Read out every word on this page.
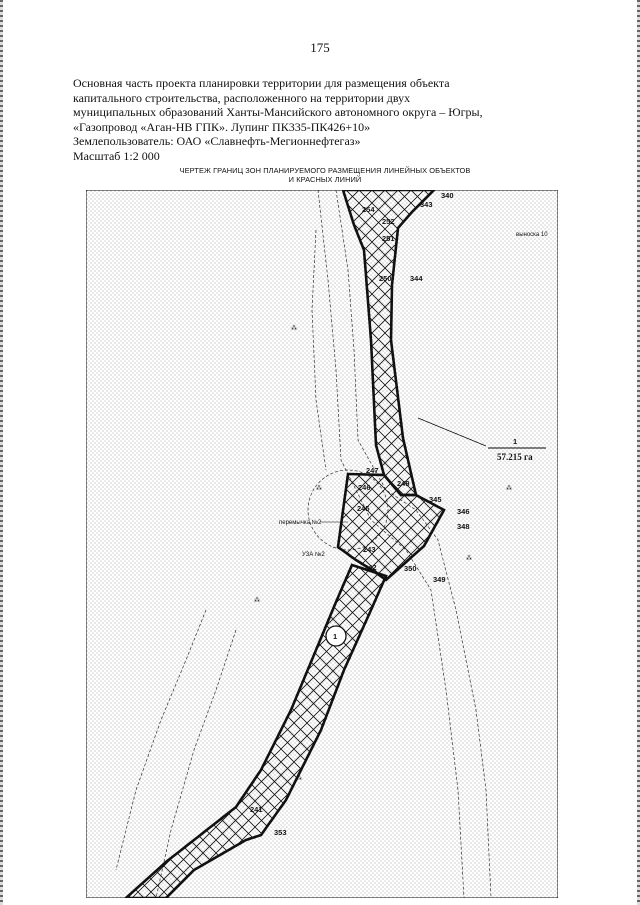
175
Основная часть проекта планировки территории для размещения объекта
капитального строительства, расположенного на территории двух
муниципальных образований Ханты-Мансийского автономного округа – Югры,
«Газопровод «Аган-НВ ГПК». Лупинг ПК335-ПК426+10»
Землепользователь: ОАО «Славнефть-Мегионнефтегаз»
Масштаб 1:2 000
ЧЕРТЕЖ ГРАНИЦ ЗОН ПЛАНИРУЕМОГО РАЗМЕЩЕНИЯ ЛИНЕЙНЫХ ОБЪЕКТОВ
И КРАСНЫХ ЛИНИЙ
⁂
⁂
⁂
⁂
⁂
⁂
выноска 10
1
57.215 га
1
перемычка №2
УЗА №2
340
254
343
252
251
250 344
247
246	249
345
245	346
348
243
242	350
349
241
353
